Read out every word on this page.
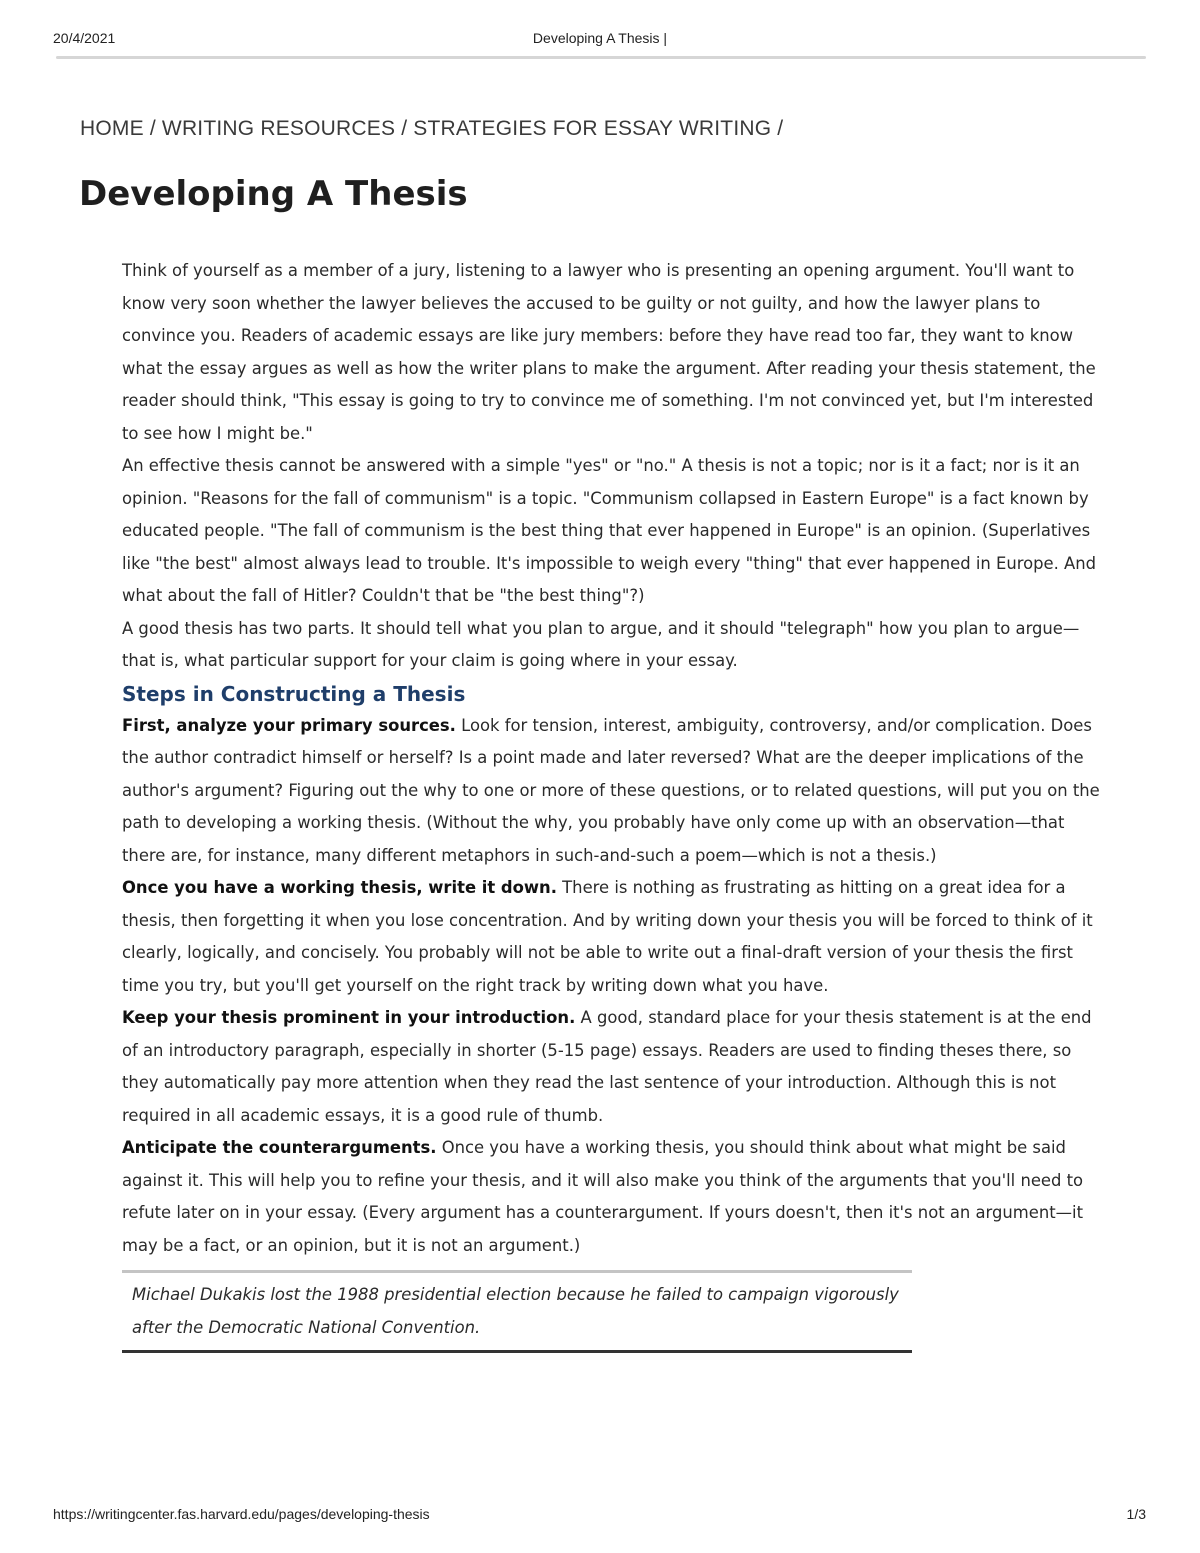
20/4/2021	Developing A Thesis |
HOME / WRITING RESOURCES / STRATEGIES FOR ESSAY WRITING /
Developing A Thesis

Think of yourself as a member of a jury, listening to a lawyer who is presenting an opening argument. You'll want to know very soon whether the lawyer believes the accused to be guilty or not guilty, and how the lawyer plans to convince you. Readers of academic essays are like jury members: before they have read too far, they want to know what the essay argues as well as how the writer plans to make the argument. After reading your thesis statement, the reader should think, "This essay is going to try to convince me of something. I'm not convinced yet, but I'm interested to see how I might be."

An effective thesis cannot be answered with a simple "yes" or "no." A thesis is not a topic; nor is it a fact; nor is it an opinion. "Reasons for the fall of communism" is a topic. "Communism collapsed in Eastern Europe" is a fact known by educated people. "The fall of communism is the best thing that ever happened in Europe" is an opinion. (Superlatives like "the best" almost always lead to trouble. It's impossible to weigh every "thing" that ever happened in Europe. And what about the fall of Hitler? Couldn't that be "the best thing"?)

A good thesis has two parts. It should tell what you plan to argue, and it should "telegraph" how you plan to argue—that is, what particular support for your claim is going where in your essay.

Steps in Constructing a Thesis

First, analyze your primary sources. Look for tension, interest, ambiguity, controversy, and/or complication. Does the author contradict himself or herself? Is a point made and later reversed? What are the deeper implications of the author's argument? Figuring out the why to one or more of these questions, or to related questions, will put you on the path to developing a working thesis. (Without the why, you probably have only come up with an observation—that there are, for instance, many different metaphors in such-and-such a poem—which is not a thesis.)

Once you have a working thesis, write it down. There is nothing as frustrating as hitting on a great idea for a thesis, then forgetting it when you lose concentration. And by writing down your thesis you will be forced to think of it clearly, logically, and concisely. You probably will not be able to write out a final-draft version of your thesis the first time you try, but you'll get yourself on the right track by writing down what you have.

Keep your thesis prominent in your introduction. A good, standard place for your thesis statement is at the end of an introductory paragraph, especially in shorter (5-15 page) essays. Readers are used to finding theses there, so they automatically pay more attention when they read the last sentence of your introduction. Although this is not required in all academic essays, it is a good rule of thumb.

Anticipate the counterarguments. Once you have a working thesis, you should think about what might be said against it. This will help you to refine your thesis, and it will also make you think of the arguments that you'll need to refute later on in your essay. (Every argument has a counterargument. If yours doesn't, then it's not an argument—it may be a fact, or an opinion, but it is not an argument.)

Michael Dukakis lost the 1988 presidential election because he failed to campaign vigorously after the Democratic National Convention.
https://writingcenter.fas.harvard.edu/pages/developing-thesis	1/3
